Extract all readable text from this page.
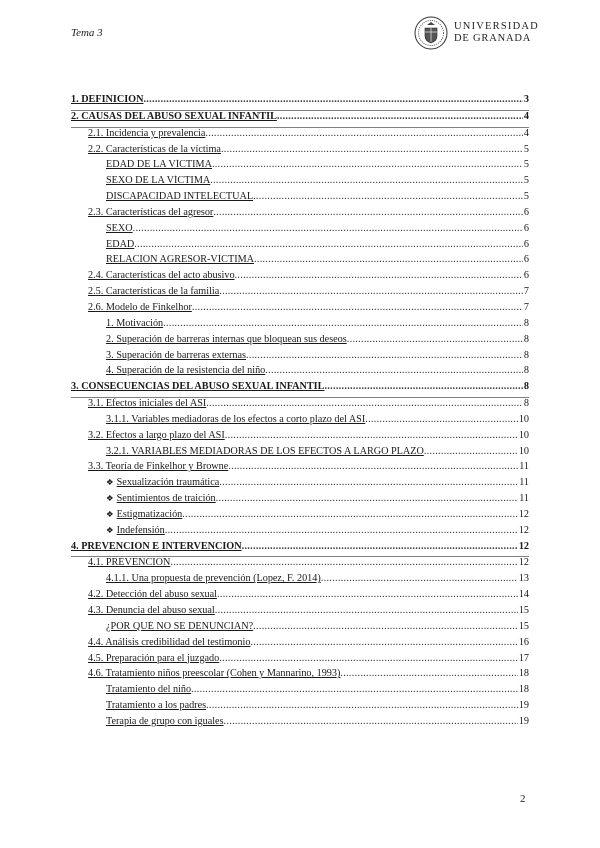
Tema 3
UNIVERSIDAD
DE GRANADA
1. DEFINICIÓN .....	3
2. CAUSAS DEL ABUSO SEXUAL INFANTIL .....	4
2.1. Incidencia y prevalencia .....	4
2.2. Características de la víctima .....	5
EDAD DE LA VÍCTIMA .....	5
SEXO DE LA VÍCTIMA .....	5
DISCAPACIDAD INTELECTUAL .....	5
2.3. Características del agresor .....	6
SEXO .....	6
EDAD .....	6
RELACIÓN AGRESOR-VÍCTIMA .....	6
2.4. Características del acto abusivo .....	6
2.5. Características de la familia .....	7
2.6. Modelo de Finkelhor .....	7
1. Motivación .....	8
2. Superación de barreras internas que bloquean sus deseos .....	8
3. Superación de barreras externas .....	8
4. Superación de la resistencia del niño .....	8
3. CONSECUENCIAS DEL ABUSO SEXUAL INFANTIL .....	8
3.1. Efectos iniciales del ASI .....	8
3.1.1. Variables mediadoras de los efectos a corto plazo del ASI .....	10
3.2. Efectos a largo plazo del ASI .....	10
3.2.1. VARIABLES MEDIADORAS DE LOS EFECTOS A LARGO PLAZO .....	10
3.3. Teoría de Finkelhor y Browne .....	11
❖ Sexualización traumática .....	11
❖ Sentimientos de traición .....	11
❖ Estigmatización .....	12
❖ Indefensión .....	12
4. PREVENCIÓN E INTERVENCIÓN .....	12
4.1. PREVENCIÓN .....	12
4.1.1. Una propuesta de prevención (Lopez, F. 2014) .....	13
4.2. Detección del abuso sexual .....	14
4.3. Denuncia del abuso sexual .....	15
¿POR QUÉ NO SE DENUNCIAN? .....	15
4.4. Análisis credibilidad del testimonio .....	16
4.5. Preparación para el juzgado .....	17
4.6. Tratamiento niños preescolar (Cohen y Mannarino, 1993) .....	18
Tratamiento del niño .....	18
Tratamiento a los padres .....	19
Terapia de grupo con iguales .....	19
2
